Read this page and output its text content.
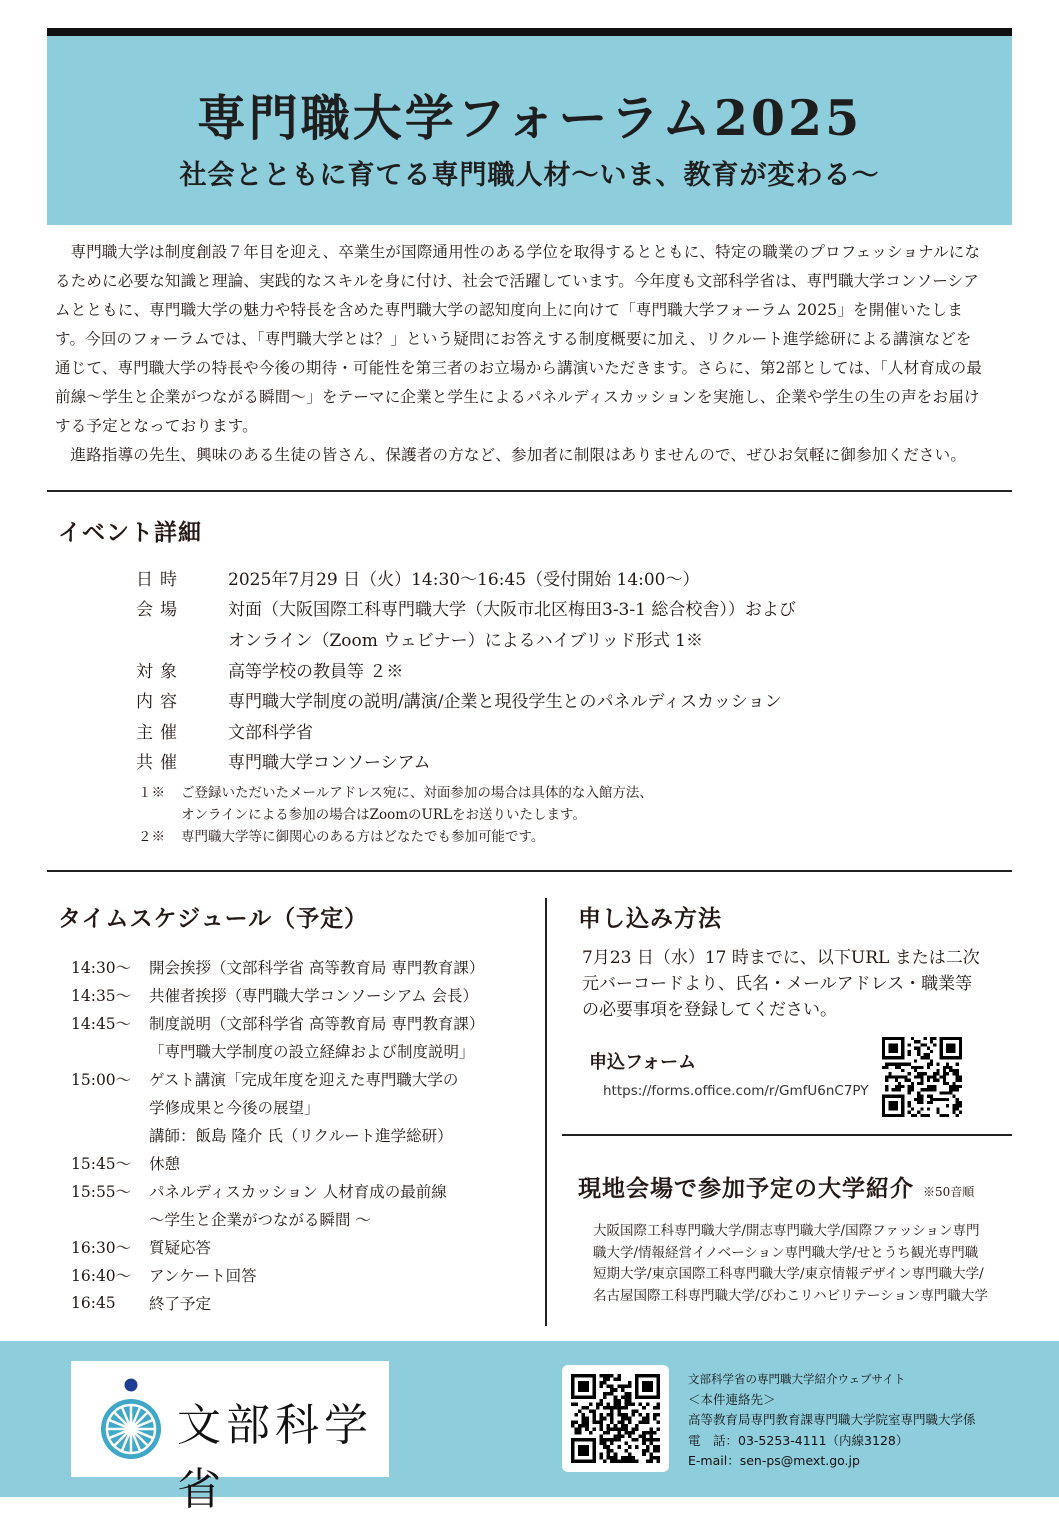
専門職大学フォーラム2025
社会とともに育てる専門職人材～いま、教育が変わる～
専門職大学は制度創設７年目を迎え、卒業生が国際通用性のある学位を取得するとともに、特定の職業のプロフェッショナルにな
るために必要な知識と理論、実践的なスキルを身に付け、社会で活躍しています。今年度も文部科学省は、専門職大学コンソーシア
ムとともに、専門職大学の魅力や特長を含めた専門職大学の認知度向上に向けて「専門職大学フォーラム 2025」を開催いたしま
す。今回のフォーラムでは、「専門職大学とは？」という疑問にお答えする制度概要に加え、リクルート進学総研による講演などを
通じて、専門職大学の特長や今後の期待・可能性を第三者のお立場から講演いただきます。さらに、第2部としては、「人材育成の最
前線～学生と企業がつながる瞬間～」をテーマに企業と学生によるパネルディスカッションを実施し、企業や学生の生の声をお届け
する予定となっております。
進路指導の先生、興味のある生徒の皆さん、保護者の方など、参加者に制限はありませんので、ぜひお気軽に御参加ください。
イベント詳細
日時	2025年7月29 日（火）14:30～16:45（受付開始 14:00～）
会場	対面（大阪国際工科専門職大学（大阪市北区梅田3-3-1 総合校舎））および
オンライン（Zoom ウェビナー）によるハイブリッド形式 1※
対象	高等学校の教員等 ２※
内容	専門職大学制度の説明/講演/企業と現役学生とのパネルディスカッション
主催	文部科学省
共催	専門職大学コンソーシアム
１※	ご登録いただいたメールアドレス宛に、対面参加の場合は具体的な入館方法、
オンラインによる参加の場合はZoomのURLをお送りいたします。
２※	専門職大学等に御関心のある方はどなたでも参加可能です。
タイムスケジュール（予定）
14:30～	開会挨拶（文部科学省 高等教育局 専門教育課）
14:35～	共催者挨拶（専門職大学コンソーシアム 会長）
14:45～	制度説明（文部科学省 高等教育局 専門教育課）
「専門職大学制度の設立経緯および制度説明」
15:00～	ゲスト講演「完成年度を迎えた専門職大学の
学修成果と今後の展望」
講師：飯島 隆介 氏（リクルート進学総研）
15:45～	休憩
15:55～	パネルディスカッション 人材育成の最前線
～学生と企業がつながる瞬間 ～
16:30～	質疑応答
16:40～	アンケート回答
16:45	終了予定
申し込み方法
7月23 日（水）17 時までに、以下URL または二次
元バーコードより、氏名・メールアドレス・職業等
の必要事項を登録してください。
申込フォーム
https://forms.office.com/r/GmfU6nC7PY
現地会場で参加予定の大学紹介 ※50音順
大阪国際工科専門職大学/開志専門職大学/国際ファッション専門
職大学/情報経営イノベーション専門職大学/せとうち観光専門職
短期大学/東京国際工科専門職大学/東京情報デザイン専門職大学/
名古屋国際工科専門職大学/びわこリハビリテーション専門職大学
文部科学省
文部科学省の専門職大学紹介ウェブサイト
＜本件連絡先＞
高等教育局専門教育課専門職大学院室専門職大学係
電　話：03-5253-4111（内線3128）
E-mail：sen-ps@mext.go.jp
